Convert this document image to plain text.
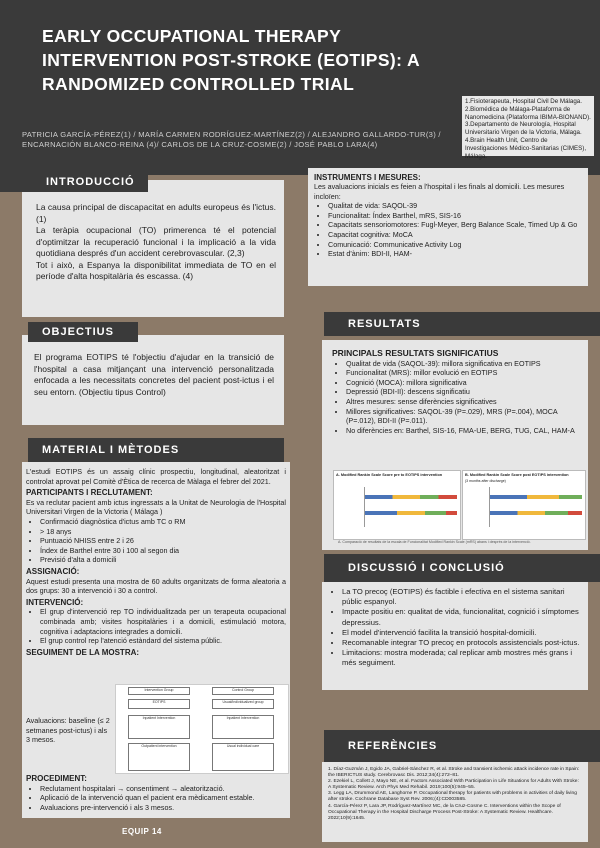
EARLY OCCUPATIONAL THERAPY INTERVENTION POST-STROKE (EOTIPS): A RANDOMIZED CONTROLLED TRIAL
PATRICIA GARCÍA-PÉREZ(1) / MARÍA CARMEN RODRÍGUEZ-MARTÍNEZ(2) / ALEJANDRO GALLARDO-TUR(3) / ENCARNACIÓN BLANCO-REINA (4)/ CARLOS DE LA CRUZ-COSME(2) / JOSÉ PABLO LARA(4)
1.Fisioterapeuta, Hospital Civil De Málaga.
2.Biomédica de Málaga-Plataforma de Nanomedicina (Plataforma IBIMA-BIONAND).
3.Departamento de Neurología, Hospital Universitario Virgen de la Victoria, Málaga.
4.Brain Health Unit, Centro de Investigaciones Médico-Sanitarias (CIMES), Málaga.
INTRODUCCIÓ
La causa principal de discapacitat en adults europeus és l'ictus. (1)
La teràpia ocupacional (TO) primerenca té el potencial d'optimitzar la recuperació funcional i la implicació a la vida quotidiana després d'un accident cerebrovascular. (2,3)
Tot i això, a Espanya la disponibilitat immediata de TO en el període d'alta hospitalària és escassa. (4)
OBJECTIUS
El programa EOTIPS té l'objectiu d'ajudar en la transició de l'hospital a casa mitjançant una intervenció personalitzada enfocada a les necessitats concretes del pacient post-ictus i el seu entorn. (Objectiu tipus Control)
MATERIAL I MÈTODES
L'estudi EOTIPS és un assaig clínic prospectiu, longitudinal, aleatoritzat i controlat aprovat pel Comitè d'Ètica de recerca de Màlaga el febrer del 2021.
PARTICIPANTS I RECLUTAMENT:
Es va reclutar pacient amb ictus ingressats a la Unitat de Neurologia de l'Hospital Universitari Virgen de la Victoria ( Málaga )
• Confirmació diagnòstica d'ictus amb TC o RM
• > 18 anys
• Puntuació NHISS entre 2 i 26
• Índex de Barthel entre 30 i 100 al segon dia
• Previsió d'alta a domicili
ASSIGNACIÓ:
Aquest estudi presenta una mostra de 60 adults organitzats de forma aleatoria a dos grups: 30 a intervenció i 30 a control.
INTERVENCIÓ:
• El grup d'intervenció rep TO individualitzada per un terapeuta ocupacional combinada amb; visites hospitalàries i a domicili, estimulació motora, cognitiva i adaptacions integrades a domicili.
• El grup control rep l'atenció estàndard del sistema públic.
SEGUIMENT DE LA MOSTRA:
Avaluacions: baseline (≤ 2 setmanes post-ictus) i als 3 mesos.
Intervention Group	Control Group
EOTIPS	Usual/Individualized group
Inpatient Intervention	Inpatient Intervention
Outpatient intervention	Usual individual care
PROCEDIMENT:
• Reclutament hospitalari → consentiment → aleatorització.
• Aplicació de la intervenció quan el pacient era mèdicament estable.
• Avaluacions pre-intervenció i als 3 mesos.
EQUIP 14
INSTRUMENTS I MESURES:
Les avaluacions inicials es feien a l'hospital i les finals al domicili. Les mesures incloïen:
• Qualitat de vida: SAQOL-39
• Funcionalitat: Índex Barthel, mRS, SIS-16
• Capacitats sensoriomotores: Fugl-Meyer, Berg Balance Scale, Timed Up & Go
• Capacitat cognitiva: MoCA
• Comunicació: Communicative Activity Log
• Estat d'ànim: BDI-II, HAM-
RESULTATS
PRINCIPALS RESULTATS SIGNIFICATIUS
• Qualitat de vida (SAQOL-39): millora significativa en EOTIPS
• Funcionalitat (MRS): millor evolució en EOTIPS
• Cognició (MOCA): millora significativa
• Depressió (BDI-II): descens significatiu
• Altres mesures: sense diferències significatives
• Millores significatives: SAQOL-39 (P=.029), MRS (P=.004), MOCA (P=.012), BDI-II (P=.011).
• No diferències en: Barthel, SIS-16, FMA-UE, BERG, TUG, CAL, HAM-A
A. Modified Rankin Scale Score pre to EOTIPS intervention	B. Modified Rankin Scale Score post EOTIPS intervention
(3 months after discharge)
A. Comparació de resultats de la escala de Funcionalitat Modified Rankin Scale (mRS) abans i després de la intervenció.
DISCUSSIÓ I CONCLUSIÓ
• La TO precoç (EOTIPS) és factible i efectiva en el sistema sanitari públic espanyol.
• Impacte positiu en: qualitat de vida, funcionalitat, cognició i símptomes depressius.
• El model d'intervenció facilita la transició hospital-domicili.
• Recomanable integrar TO precoç en protocols assistencials post-ictus.
• Limitacions: mostra moderada; cal replicar amb mostres més grans i més seguiment.
REFERÈNCIES
1. Díaz-Guzmán J, Egido JA, Gabriel-Sánchez R, et al. Stroke and transient ischemic attack incidence rate in Spain: the IBERICTUS study. Cerebrovasc Dis. 2012;34(4):272–81.
2. Ezekiel L, Collett J, Mayo NE, et al. Factors Associated With Participation in Life Situations for Adults With Stroke: A Systematic Review. Arch Phys Med Rehabil. 2019;100(5):945–55.
3. Legg LA, Drummond AE, Langhorne P. Occupational therapy for patients with problems in activities of daily living after stroke. Cochrane Database Syst Rev. 2006;(4):CD003585.
4. García-Pérez P, Lara JP, Rodríguez-Martínez MC, de la Cruz-Cosme C. Interventions within the Scope of Occupational Therapy in the Hospital Discharge Process Post-Stroke: A Systematic Review. Healthcare. 2022;10(9):1645.
